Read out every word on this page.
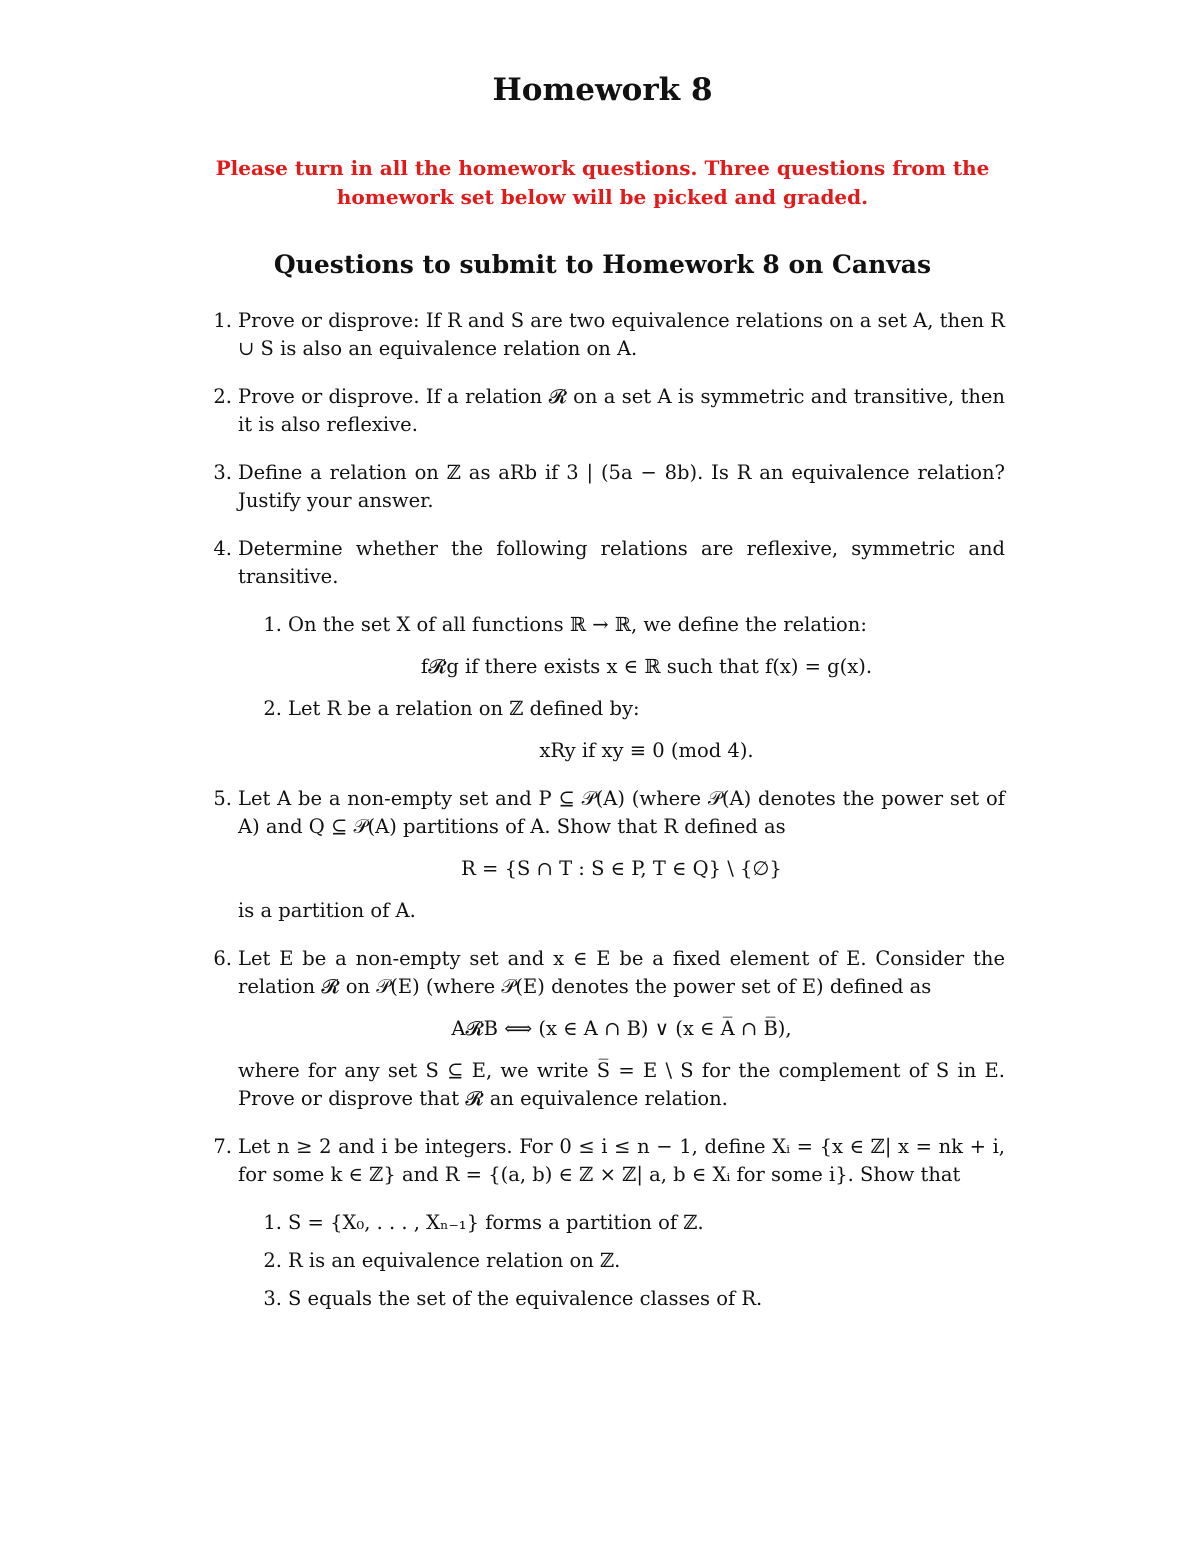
Homework 8
Please turn in all the homework questions. Three questions from the
homework set below will be picked and graded.
Questions to submit to Homework 8 on Canvas
1. Prove or disprove: If R and S are two equivalence relations on a set A, then R ∪ S is also an equivalence relation on A.
2. Prove or disprove. If a relation 𝓡 on a set A is symmetric and transitive, then it is also reflexive.
3. Define a relation on ℤ as aRb if 3 | (5a − 8b). Is R an equivalence relation? Justify your answer.
4. Determine whether the following relations are reflexive, symmetric and transitive.
1. On the set X of all functions ℝ → ℝ, we define the relation:
f𝓡g if there exists x ∈ ℝ such that f(x) = g(x).
2. Let R be a relation on ℤ defined by:
xRy if xy ≡ 0 (mod 4).
5. Let A be a non-empty set and P ⊆ 𝒫(A) (where 𝒫(A) denotes the power set of A) and Q ⊆ 𝒫(A) partitions of A. Show that R defined as
R = {S ∩ T : S ∈ P, T ∈ Q} \ {∅}
is a partition of A.
6. Let E be a non-empty set and x ∈ E be a fixed element of E. Consider the relation 𝓡 on 𝒫(E) (where 𝒫(E) denotes the power set of E) defined as
A𝓡B ⟺ (x ∈ A ∩ B) ∨ (x ∈ A̅ ∩ B̅),
where for any set S ⊆ E, we write S̅ = E \ S for the complement of S in E. Prove or disprove that 𝓡 an equivalence relation.
7. Let n ≥ 2 and i be integers. For 0 ≤ i ≤ n − 1, define Xᵢ = {x ∈ ℤ| x = nk + i, for some k ∈ ℤ} and R = {(a, b) ∈ ℤ × ℤ| a, b ∈ Xᵢ for some i}. Show that
1. S = {X₀, . . . , Xₙ₋₁} forms a partition of ℤ.
2. R is an equivalence relation on ℤ.
3. S equals the set of the equivalence classes of R.
